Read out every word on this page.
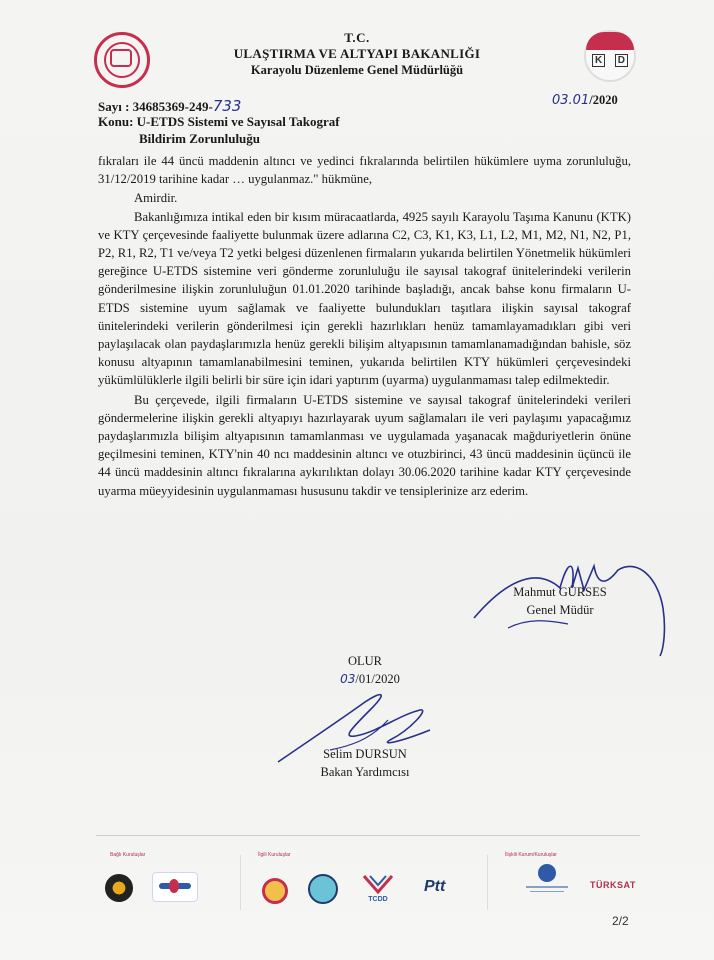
K	D
T.C.
ULAŞTIRMA VE ALTYAPI BAKANLIĞI
Karayolu Düzenleme Genel Müdürlüğü
Sayı : 34685369-249-733	03.01/2020
Konu: U-ETDS Sistemi ve Sayısal Takograf
Bildirim Zorunluluğu

fıkraları ile 44 üncü maddenin altıncı ve yedinci fıkralarında belirtilen hükümlere uyma zorunluluğu, 31/12/2019 tarihine kadar … uygulanmaz." hükmüne,

Amirdir.

Bakanlığımıza intikal eden bir kısım müracaatlarda, 4925 sayılı Karayolu Taşıma Kanunu (KTK) ve KTY çerçevesinde faaliyette bulunmak üzere adlarına C2, C3, K1, K3, L1, L2, M1, M2, N1, N2, P1, P2, R1, R2, T1 ve/veya T2 yetki belgesi düzenlenen firmaların yukarıda belirtilen Yönetmelik hükümleri gereğince U-ETDS sistemine veri gönderme zorunluluğu ile sayısal takograf ünitelerindeki verilerin gönderilmesine ilişkin zorunluluğun 01.01.2020 tarihinde başladığı, ancak bahse konu firmaların U-ETDS sistemine uyum sağlamak ve faaliyette bulundukları taşıtlara ilişkin sayısal takograf ünitelerindeki verilerin gönderilmesi için gerekli hazırlıkları henüz tamamlayamadıkları gibi veri paylaşılacak olan paydaşlarımızla henüz gerekli bilişim altyapısının tamamlanamadığından bahisle, söz konusu altyapının tamamlanabilmesini teminen, yukarıda belirtilen KTY hükümleri çerçevesindeki yükümlülüklerle ilgili belirli bir süre için idari yaptırım (uyarma) uygulanmaması talep edilmektedir.

Bu çerçevede, ilgili firmaların U-ETDS sistemine ve sayısal takograf ünitelerindeki verileri göndermelerine ilişkin gerekli altyapıyı hazırlayarak uyum sağlamaları ile veri paylaşımı yapacağımız paydaşlarımızla bilişim altyapısının tamamlanması ve uygulamada yaşanacak mağduriyetlerin önüne geçilmesini teminen, KTY'nin 40 ncı maddesinin altıncı ve otuzbirinci, 43 üncü maddesinin üçüncü ile 44 üncü maddesinin altıncı fıkralarına aykırılıktan dolayı 30.06.2020 tarihine kadar KTY çerçevesinde uyarma müeyyidesinin uygulanmaması hususunu takdir ve tensiplerinize arz ederim.

Mahmut GÜRSES
Genel Müdür
OLUR
03/01/2020
Selim DURSUN
Bakan Yardımcısı
Bağlı Kuruluşlar	İlgili Kuruluşlar	İlişkili Kurum/Kuruluşlar
TCDD
Ptt	TÜRKSAT
2/2
